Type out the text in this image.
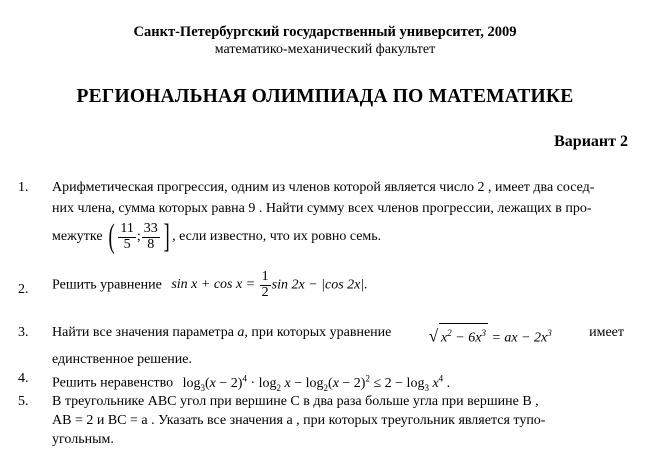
Санкт-Петербургский государственный университет, 2009
математико-механический факультет
РЕГИОНАЛЬНАЯ ОЛИМПИАДА ПО МАТЕМАТИКЕ
Вариант 2
1.	Арифметическая прогрессия, одним из членов которой является число 2 , имеет два сосед-
них члена, сумма которых равна 9 . Найти сумму всех членов прогрессии, лежащих в про-
межутке ( $\frac{11}{5}$ ; $\frac{33}{8}$ ] , если известно, что их ровно семь.
2.	Решить уравнение $\sin x + \cos x = \frac{1}{2}$ sin 2x − |cos 2x|.
3.	Найти все значения параметра a, при которых уравнение √ $x^2 - 6x^3$ = ax − $2x^3$	имеет
единственное решение.
4.	Решить неравенство $\log_3(x - 2)^4 \cdot \log_2 x - \log_2(x - 2)^2 \le 2 - \log_3 x^4$ .
5.	В треугольнике ABC угол при вершине C в два раза больше угла при вершине B ,
AB = 2 и BC = a . Указать все значения a , при которых треугольник является тупо-
угольным.
